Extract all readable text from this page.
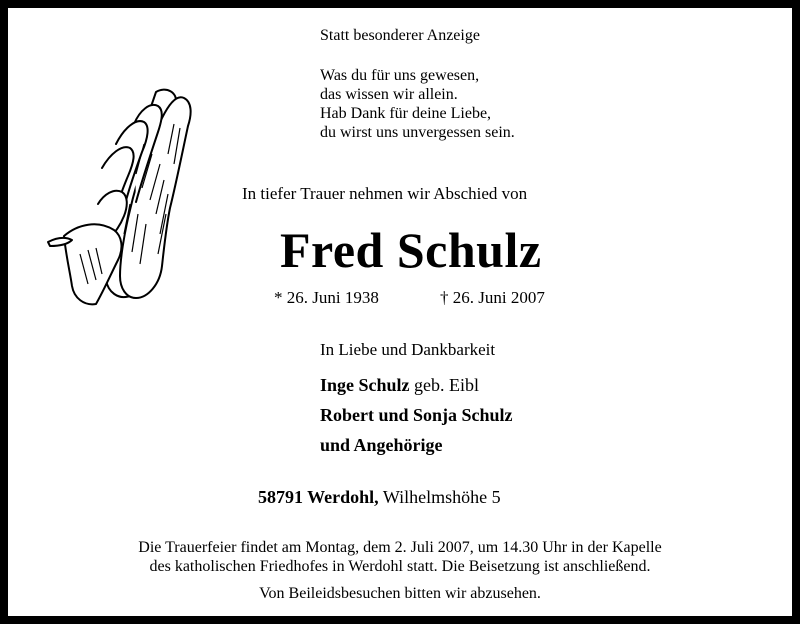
Statt besonderer Anzeige
Was du für uns gewesen,
das wissen wir allein.
Hab Dank für deine Liebe,
du wirst uns unvergessen sein.
In tiefer Trauer nehmen wir Abschied von
Fred Schulz
* 26. Juni 1938	† 26. Juni 2007
In Liebe und Dankbarkeit
Inge Schulz geb. Eibl
Robert und Sonja Schulz
und Angehörige
58791 Werdohl, Wilhelmshöhe 5
Die Trauerfeier findet am Montag, dem 2. Juli 2007, um 14.30 Uhr in der Kapelle
des katholischen Friedhofes in Werdohl statt. Die Beisetzung ist anschließend.
Von Beileidsbesuchen bitten wir abzusehen.
